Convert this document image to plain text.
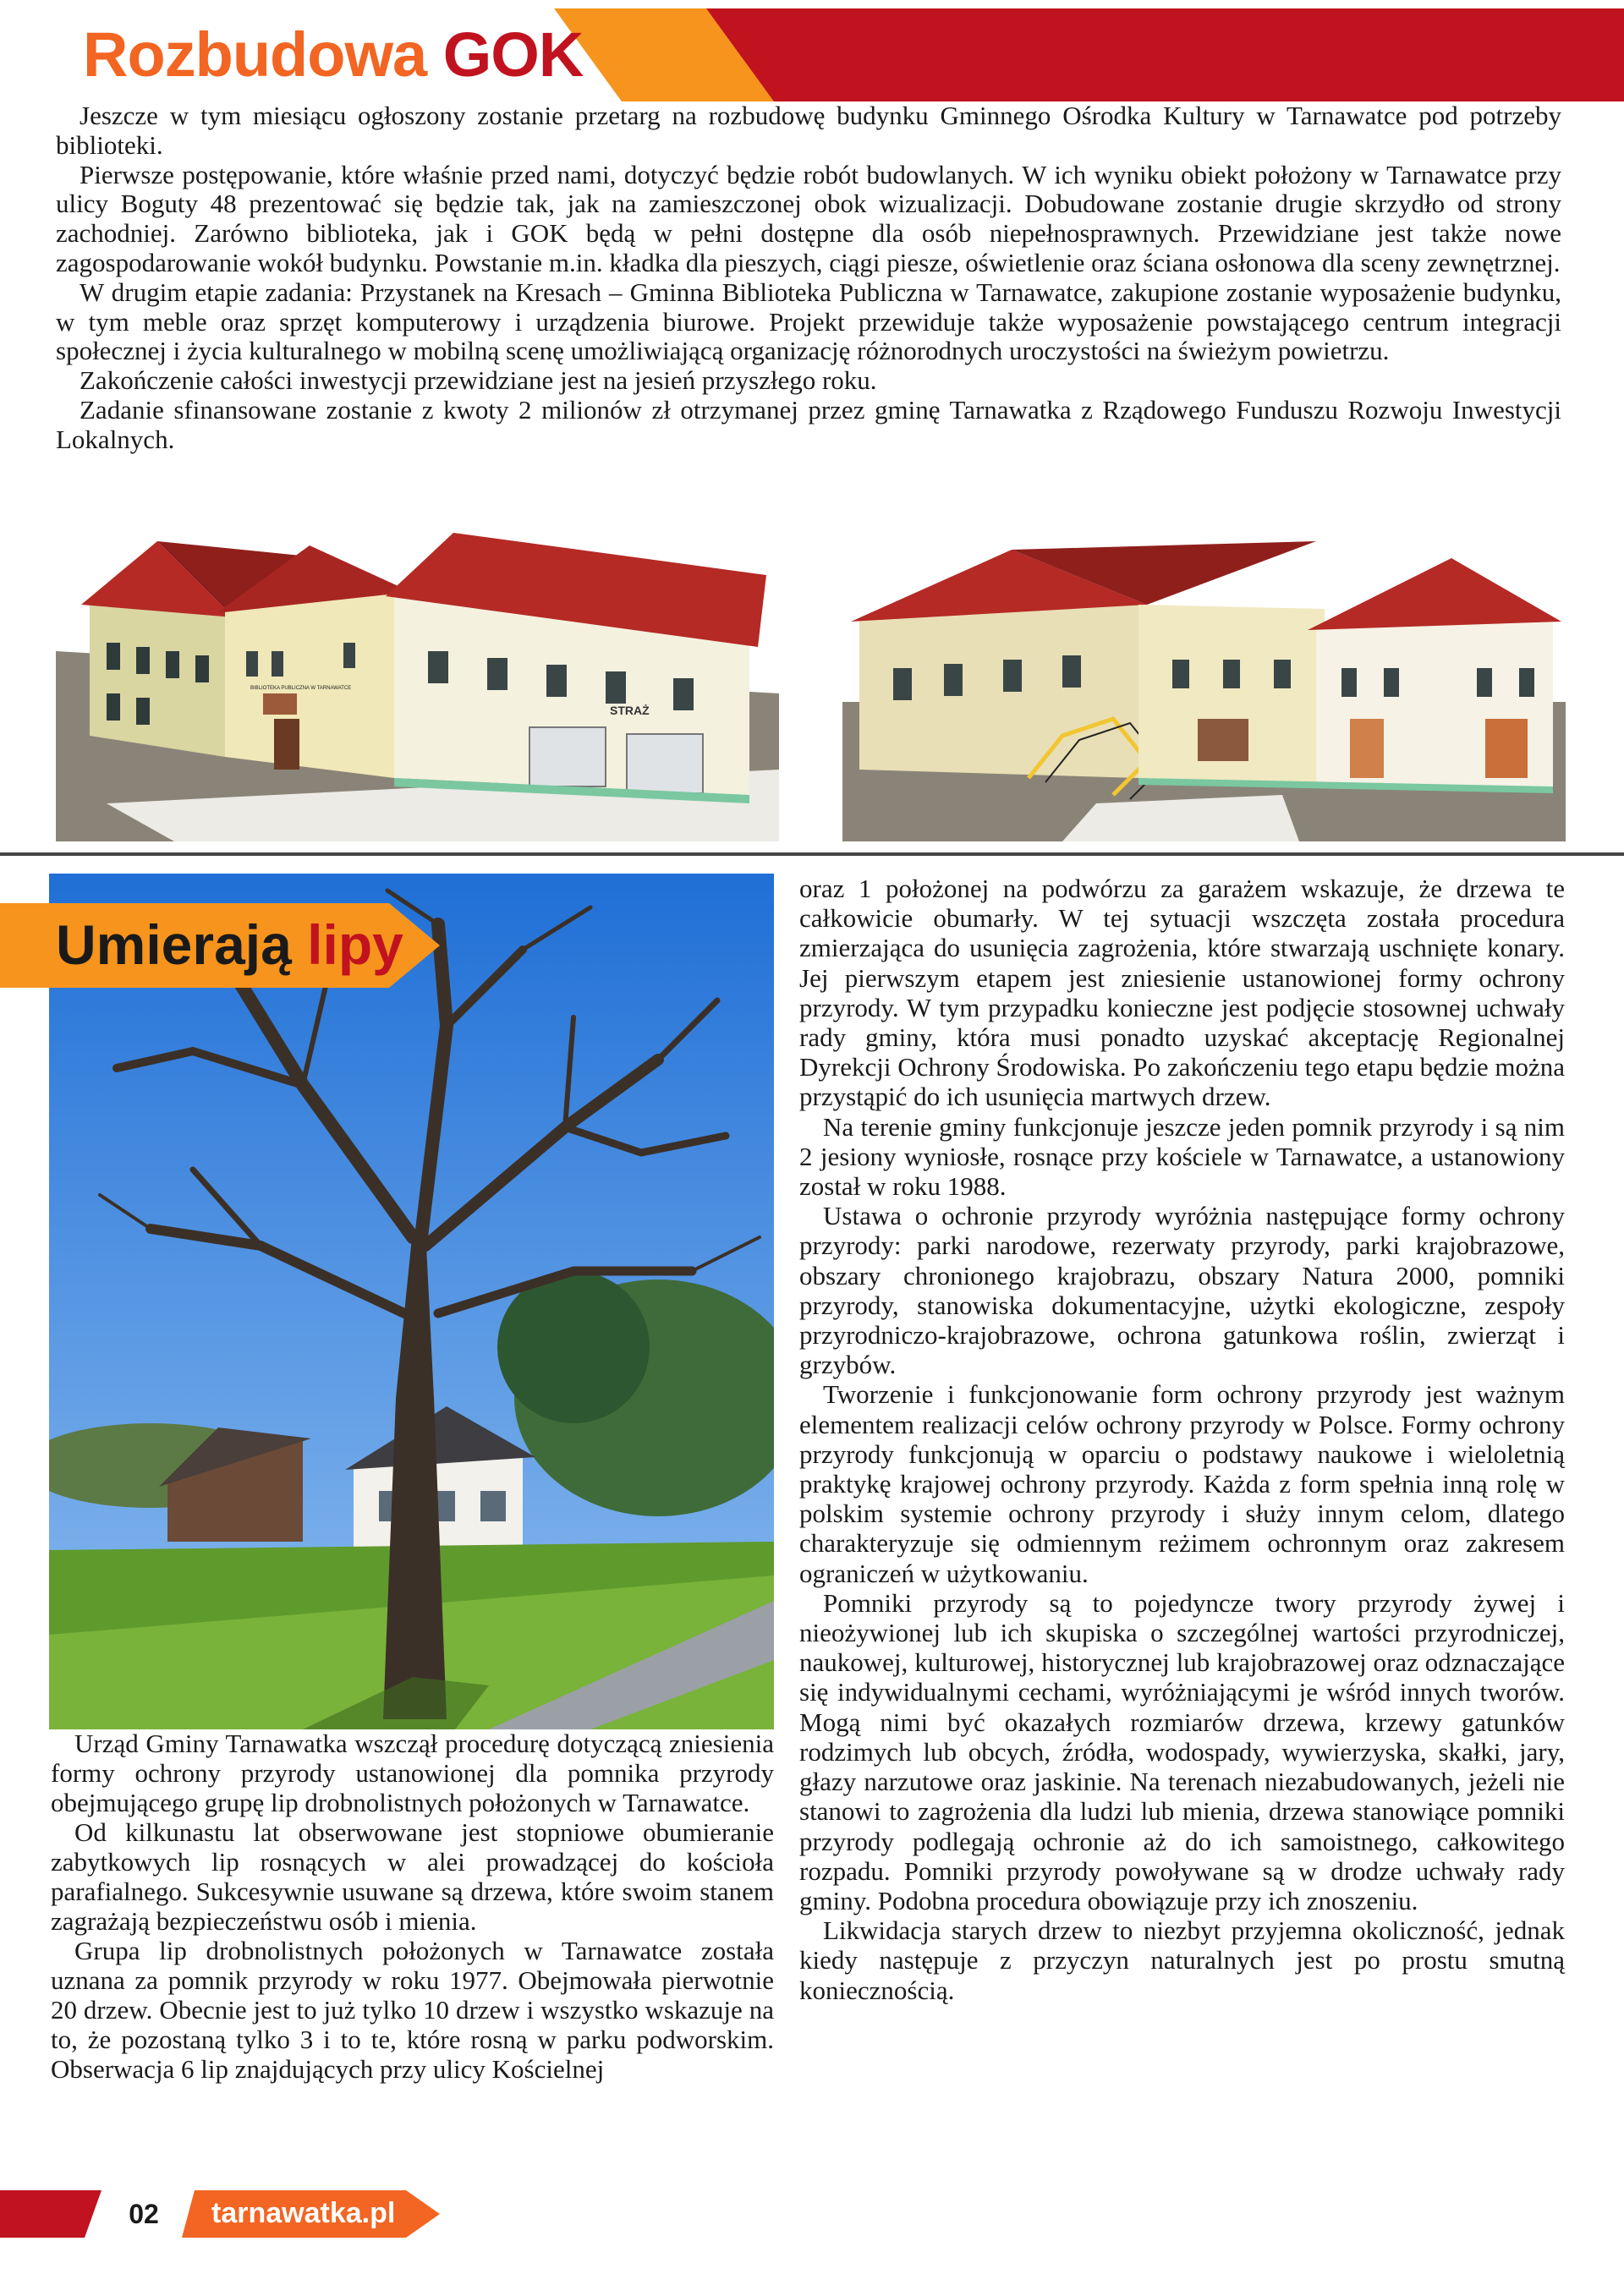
Rozbudowa GOK

Jeszcze w tym miesiącu ogłoszony zostanie przetarg na rozbudowę budynku Gminnego Ośrodka Kultury w Tarnawatce pod potrzeby biblioteki.

Pierwsze postępowanie, które właśnie przed nami, dotyczyć będzie robót budowlanych. W ich wyniku obiekt położony w Tarnawatce przy ulicy Boguty 48 prezentować się będzie tak, jak na zamieszczonej obok wizualizacji. Dobudowane zostanie drugie skrzydło od strony zachodniej. Zarówno biblioteka, jak i GOK będą w pełni dostępne dla osób niepełnosprawnych. Przewidziane jest także nowe zagospodarowanie wokół budynku. Powstanie m.in. kładka dla pieszych, ciągi piesze, oświetlenie oraz ściana osłonowa dla sceny zewnętrznej.

W drugim etapie zadania: Przystanek na Kresach – Gminna Biblioteka Publiczna w Tarnawatce, zakupione zostanie wyposażenie budynku, w tym meble oraz sprzęt komputerowy i urządzenia biurowe. Projekt przewiduje także wyposażenie powstającego centrum integracji społecznej i życia kulturalnego w mobilną scenę umożliwiającą organizację różnorodnych uroczystości na świeżym powietrzu.

Zakończenie całości inwestycji przewidziane jest na jesień przyszłego roku.

Zadanie sfinansowane zostanie z kwoty 2 milionów zł otrzymanej przez gminę Tarnawatka z Rządowego Funduszu Rozwoju Inwestycji Lokalnych.

STRAŻ
BIBLIOTEKA PUBLICZNA W TARNAWATCE
Umierają lipy

Urząd Gminy Tarnawatka wszczął procedurę dotyczącą zniesienia formy ochrony przyrody ustanowionej dla pomnika przyrody obejmującego grupę lip drobnolistnych położonych w Tarnawatce.

Od kilkunastu lat obserwowane jest stopniowe obumieranie zabytkowych lip rosnących w alei prowadzącej do kościoła parafialnego. Sukcesywnie usuwane są drzewa, które swoim stanem zagrażają bezpieczeństwu osób i mienia.

Grupa lip drobnolistnych położonych w Tarnawatce została uznana za pomnik przyrody w roku 1977. Obejmowała pierwotnie 20 drzew. Obecnie jest to już tylko 10 drzew i wszystko wskazuje na to, że pozostaną tylko 3 i to te, które rosną w parku podworskim. Obserwacja 6 lip znajdujących przy ulicy Kościelnej

oraz 1 położonej na podwórzu za garażem wskazuje, że drzewa te całkowicie obumarły. W tej sytuacji wszczęta została procedura zmierzająca do usunięcia zagrożenia, które stwarzają uschnięte konary. Jej pierwszym etapem jest zniesienie ustanowionej formy ochrony przyrody. W tym przypadku konieczne jest podjęcie stosownej uchwały rady gminy, która musi ponadto uzyskać akceptację Regionalnej Dyrekcji Ochrony Środowiska. Po zakończeniu tego etapu będzie można przystąpić do ich usunięcia martwych drzew.

Na terenie gminy funkcjonuje jeszcze jeden pomnik przyrody i są nim 2 jesiony wyniosłe, rosnące przy kościele w Tarnawatce, a ustanowiony został w roku 1988.

Ustawa o ochronie przyrody wyróżnia następujące formy ochrony przyrody: parki narodowe, rezerwaty przyrody, parki krajobrazowe, obszary chronionego krajobrazu, obszary Natura 2000, pomniki przyrody, stanowiska dokumentacyjne, użytki ekologiczne, zespoły przyrodniczo-krajobrazowe, ochrona gatunkowa roślin, zwierząt i grzybów.

Tworzenie i funkcjonowanie form ochrony przyrody jest ważnym elementem realizacji celów ochrony przyrody w Polsce. Formy ochrony przyrody funkcjonują w oparciu o podstawy naukowe i wieloletnią praktykę krajowej ochrony przyrody. Każda z form spełnia inną rolę w polskim systemie ochrony przyrody i służy innym celom, dlatego charakteryzuje się odmiennym reżimem ochronnym oraz zakresem ograniczeń w użytkowaniu.

Pomniki przyrody są to pojedyncze twory przyrody żywej i nieożywionej lub ich skupiska o szczególnej wartości przyrodniczej, naukowej, kulturowej, historycznej lub krajobrazowej oraz odznaczające się indywidualnymi cechami, wyróżniającymi je wśród innych tworów. Mogą nimi być okazałych rozmiarów drzewa, krzewy gatunków rodzimych lub obcych, źródła, wodospady, wywierzyska, skałki, jary, głazy narzutowe oraz jaskinie. Na terenach niezabudowanych, jeżeli nie stanowi to zagrożenia dla ludzi lub mienia, drzewa stanowiące pomniki przyrody podlegają ochronie aż do ich samoistnego, całkowitego rozpadu. Pomniki przyrody powoływane są w drodze uchwały rady gminy. Podobna procedura obowiązuje przy ich znoszeniu.

Likwidacja starych drzew to niezbyt przyjemna okoliczność, jednak kiedy następuje z przyczyn naturalnych jest po prostu smutną koniecznością.

02	tarnawatka.pl
